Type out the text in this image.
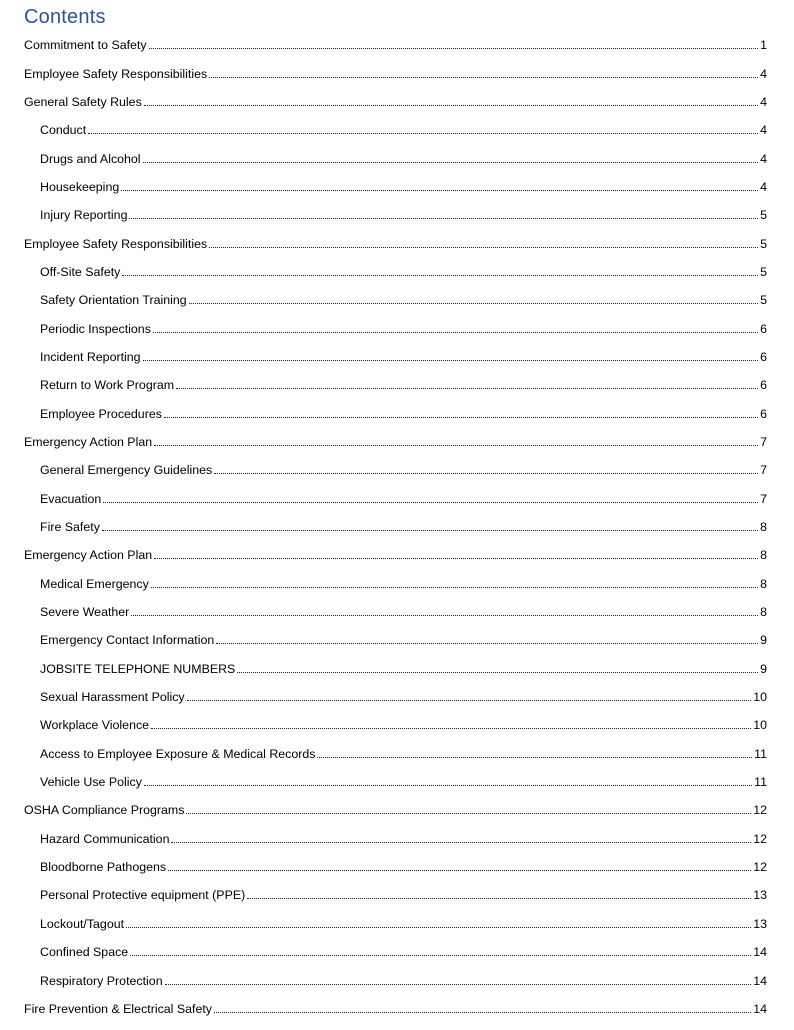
Contents
Commitment to Safety	1
Employee Safety Responsibilities	4
General Safety Rules	4
Conduct	4
Drugs and Alcohol	4
Housekeeping	4
Injury Reporting	5
Employee Safety Responsibilities	5
Off-Site Safety	5
Safety Orientation Training	5
Periodic Inspections	6
Incident Reporting	6
Return to Work Program	6
Employee Procedures	6
Emergency Action Plan	7
General Emergency Guidelines	7
Evacuation	7
Fire Safety	8
Emergency Action Plan	8
Medical Emergency	8
Severe Weather	8
Emergency Contact Information	9
JOBSITE TELEPHONE NUMBERS	9
Sexual Harassment Policy	10
Workplace Violence	10
Access to Employee Exposure & Medical Records	11
Vehicle Use Policy	11
OSHA Compliance Programs	12
Hazard Communication	12
Bloodborne Pathogens	12
Personal Protective equipment (PPE)	13
Lockout/Tagout	13
Confined Space	14
Respiratory Protection	14
Fire Prevention & Electrical Safety	14
